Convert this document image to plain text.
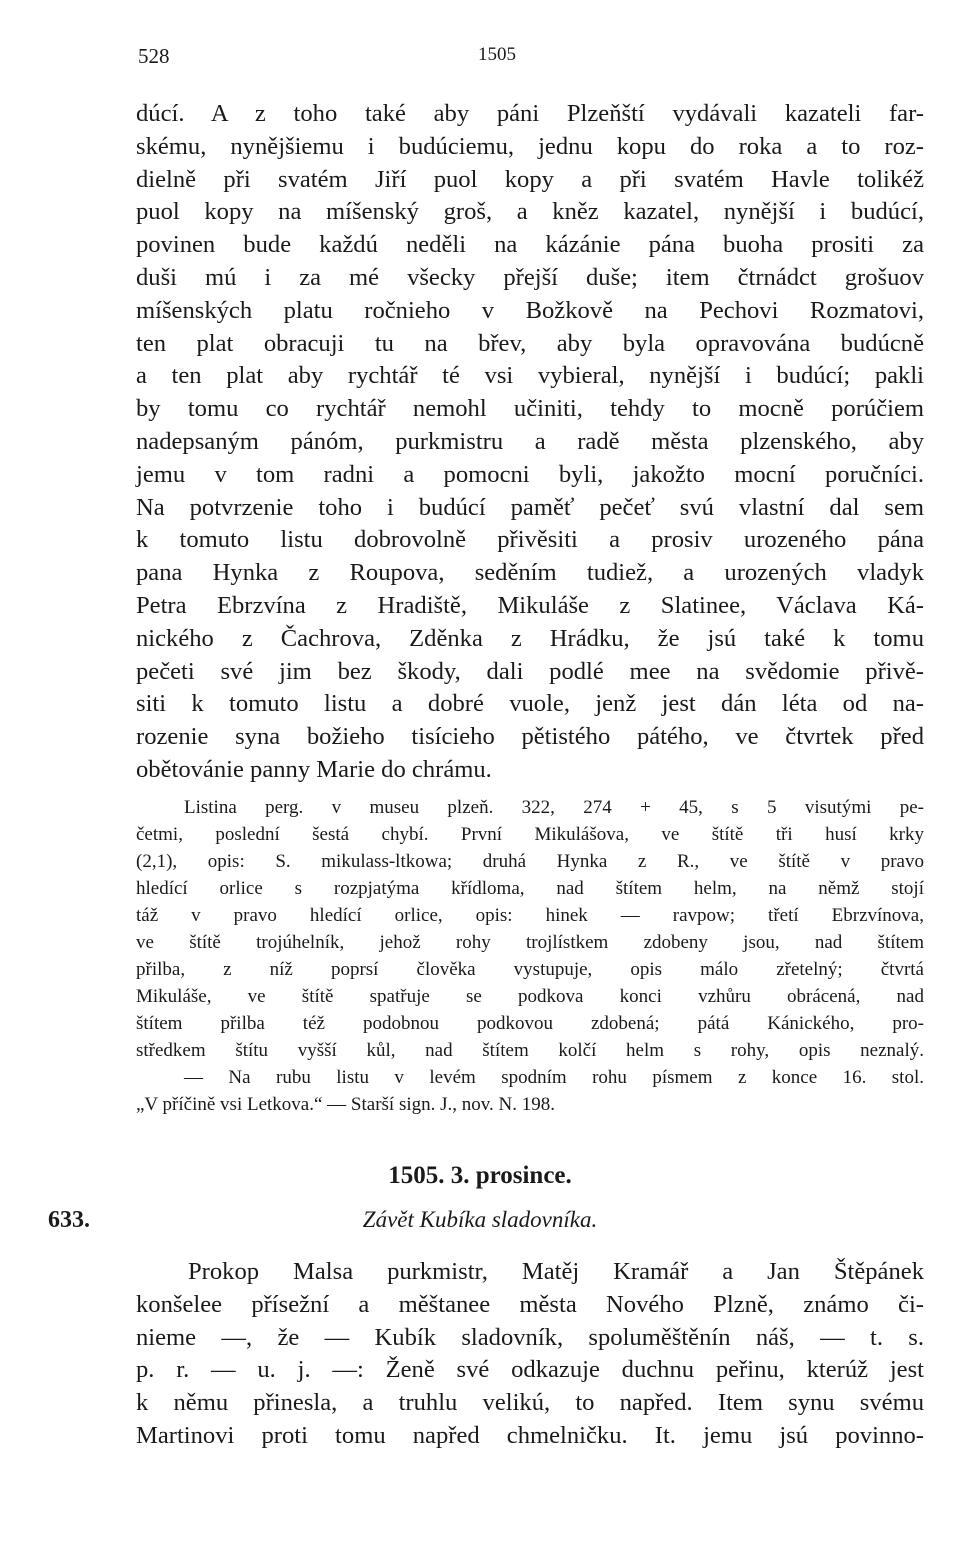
528	1505
dúcí. A z toho také aby páni Plzeňští vydávali kazateli far-
skému, nynějšiemu i budúciemu, jednu kopu do roka a to roz-
dielně při svatém Jiří puol kopy a při svatém Havle tolikéž
puol kopy na míšenský groš, a kněz kazatel, nynější i budúcí,
povinen bude každú neděli na kázánie pána buoha prositi za
duši mú i za mé všecky přejší duše; item čtrnádct grošuov
míšenských platu ročnieho v Božkově na Pechovi Rozmatovi,
ten plat obracuji tu na břev, aby byla opravována budúcně
a ten plat aby rychtář té vsi vybieral, nynější i budúcí; pakli
by tomu co rychtář nemohl učiniti, tehdy to mocně porúčiem
nadepsaným pánóm, purkmistru a radě města plzenského, aby
jemu v tom radni a pomocni byli, jakožto mocní poručníci.
Na potvrzenie toho i budúcí paměť pečeť svú vlastní dal sem
k tomuto listu dobrovolně přivěsiti a prosiv urozeného pána
pana Hynka z Roupova, seděním tudiež, a urozených vladyk
Petra Ebrzvína z Hradiště, Mikuláše z Slatinee, Václava Ká-
nického z Čachrova, Zděnka z Hrádku, že jsú také k tomu
pečeti své jim bez škody, dali podlé mee na svědomie přivě-
siti k tomuto listu a dobré vuole, jenž jest dán léta od na-
rozenie syna božieho tisícieho pětistého pátého, ve čtvrtek před
obětovánie panny Marie do chrámu.
Listina perg. v museu plzeň. 322, 274 + 45, s 5 visutými pe-
četmi, poslední šestá chybí. První Mikulášova, ve štítě tři husí krky
(2,1), opis: S. mikulass-ltkowa; druhá Hynka z R., ve štítě v pravo
hledící orlice s rozpjatýma křídloma, nad štítem helm, na němž stojí
táž v pravo hledící orlice, opis: hinek — ravpow; třetí Ebrzvínova,
ve štítě trojúhelník, jehož rohy trojlístkem zdobeny jsou, nad štítem
přilba, z níž poprsí člověka vystupuje, opis málo zřetelný; čtvrtá
Mikuláše, ve štítě spatřuje se podkova konci vzhůru obrácená, nad
štítem přilba též podobnou podkovou zdobená; pátá Kánického, pro-
středkem štítu vyšší kůl, nad štítem kolčí helm s rohy, opis neznalý.
— Na rubu listu v levém spodním rohu písmem z konce 16. stol.
„V příčině vsi Letkova.“ — Starší sign. J., nov. N. 198.
1505. 3. prosince.
633.	Závět Kubíka sladovníka.
Prokop Malsa purkmistr, Matěj Kramář a Jan Štěpánek
konšelee přísežní a měštanee města Nového Plzně, známo či-
nieme —, že — Kubík sladovník, spoluměštěnín náš, — t. s.
p. r. — u. j. —: Ženě své odkazuje duchnu peřinu, kterúž jest
k němu přinesla, a truhlu velikú, to napřed. Item synu svému
Martinovi proti tomu napřed chmelničku. It. jemu jsú povinno-
